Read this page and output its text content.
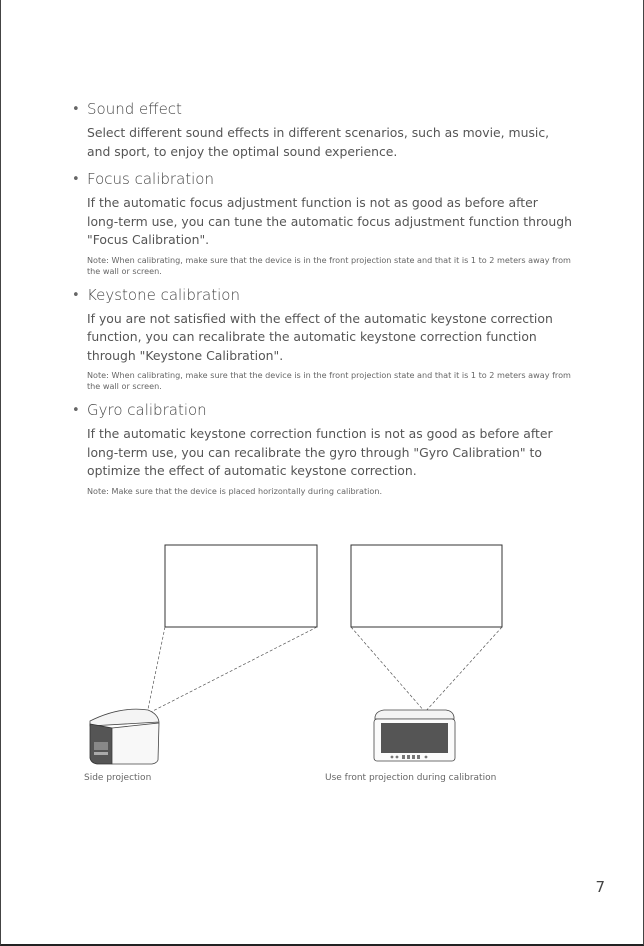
• Sound effect
Select different sound effects in different scenarios, such as movie, music, and sport, to enjoy the optimal sound experience.
• Focus calibration
If the automatic focus adjustment function is not as good as before after long-term use, you can tune the automatic focus adjustment function through "Focus Calibration".
Note: When calibrating, make sure that the device is in the front projection state and that it is 1 to 2 meters away from the wall or screen.
• Keystone calibration
If you are not satisfied with the effect of the automatic keystone correction function, you can recalibrate the automatic keystone correction function through "Keystone Calibration".
Note: When calibrating, make sure that the device is in the front projection state and that it is 1 to 2 meters away from the wall or screen.
• Gyro calibration
If the automatic keystone correction function is not as good as before after long-term use, you can recalibrate the gyro through "Gyro Calibration" to optimize the effect of automatic keystone correction.
Note: Make sure that the device is placed horizontally during calibration.
Side projection	Use front projection during calibration
7
